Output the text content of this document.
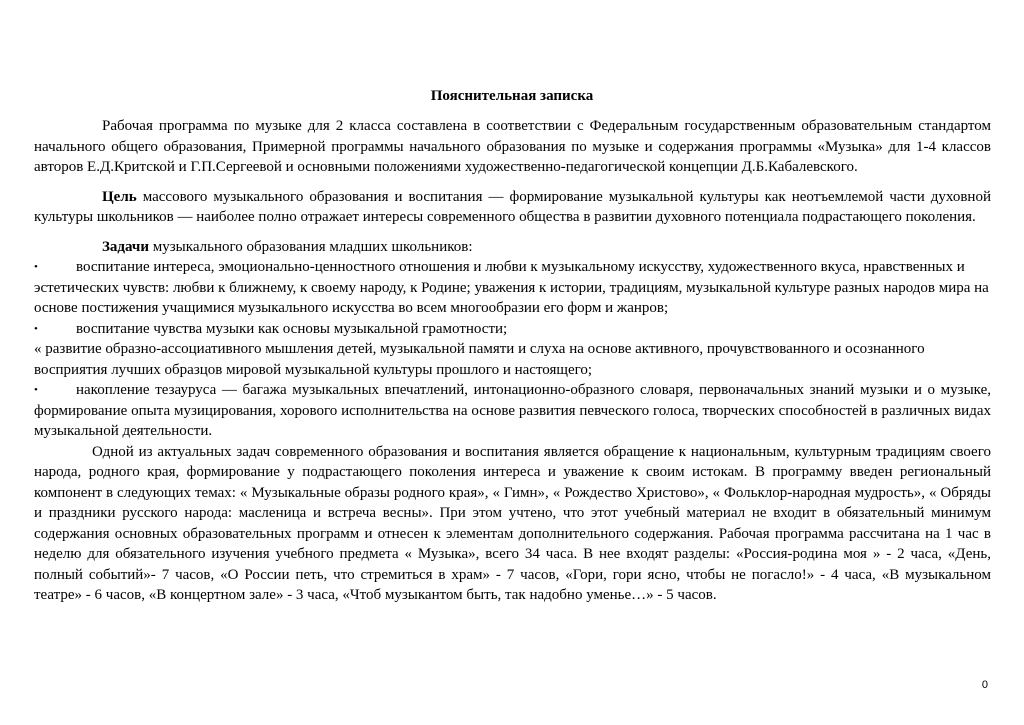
Пояснительная записка

Рабочая программа по музыке для 2 класса составлена в соответствии с Федеральным государственным образовательным стандартом начального общего образования, Примерной программы начального образования по музыке и содержания программы «Музыка» для 1-4 классов авторов Е.Д.Критской и Г.П.Сергеевой и основными положениями художественно-педагогической концепции Д.Б.Кабалевского.

Цель массового музыкального образования и воспитания — формирование музыкальной культуры как неотъемлемой части духовной культуры школьников — наиболее полно отражает интересы современного общества в развитии духовного потенциала подрастающего поколения.

Задачи музыкального образования младших школьников:

•	воспитание интереса, эмоционально-ценностного отношения и любви к музыкальному искусству, художественного вкуса, нравственных и эстетических чувств: любви к ближнему, к своему народу, к Родине; уважения к истории, традициям, музыкальной культуре разных народов мира на основе постижения учащимися музыкального искусства во всем многообразии его форм и жанров;

•	воспитание чувства музыки как основы музыкальной грамотности;

« развитие образно-ассоциативного мышления детей, музыкальной памяти и слуха на основе активного, прочувствованного и осознанного восприятия лучших образцов мировой музыкальной культуры прошлого и настоящего;

•	накопление тезауруса — багажа музыкальных впечатлений, интонационно-образного словаря, первоначальных знаний музыки и о музыке, формирование опыта музицирования, хорового исполнительства на основе развития певческого голоса, творческих способностей в различных видах музыкальной деятельности.

Одной из актуальных задач современного образования и воспитания является обращение к национальным, культурным традициям своего народа, родного края, формирование у подрастающего поколения интереса и уважение к своим истокам. В программу введен региональный компонент в следующих темах: « Музыкальные образы родного края», « Гимн», « Рождество Христово», « Фольклор-народная мудрость», « Обряды и праздники русского народа: масленица и встреча весны». При этом учтено, что этот учебный материал не входит в обязательный минимум содержания основных образовательных программ и отнесен к элементам дополнительного содержания. Рабочая программа рассчитана на 1 час в неделю для обязательного изучения учебного предмета « Музыка», всего 34 часа. В нее входят разделы: «Россия-родина моя » - 2 часа, «День, полный событий»- 7 часов, «О России петь, что стремиться в храм» - 7 часов, «Гори, гори ясно, чтобы не погасло!» - 4 часа, «В музыкальном театре» - 6 часов, «В концертном зале» - 3 часа, «Чтоб музыкантом быть, так надобно уменье…» - 5 часов.

0
